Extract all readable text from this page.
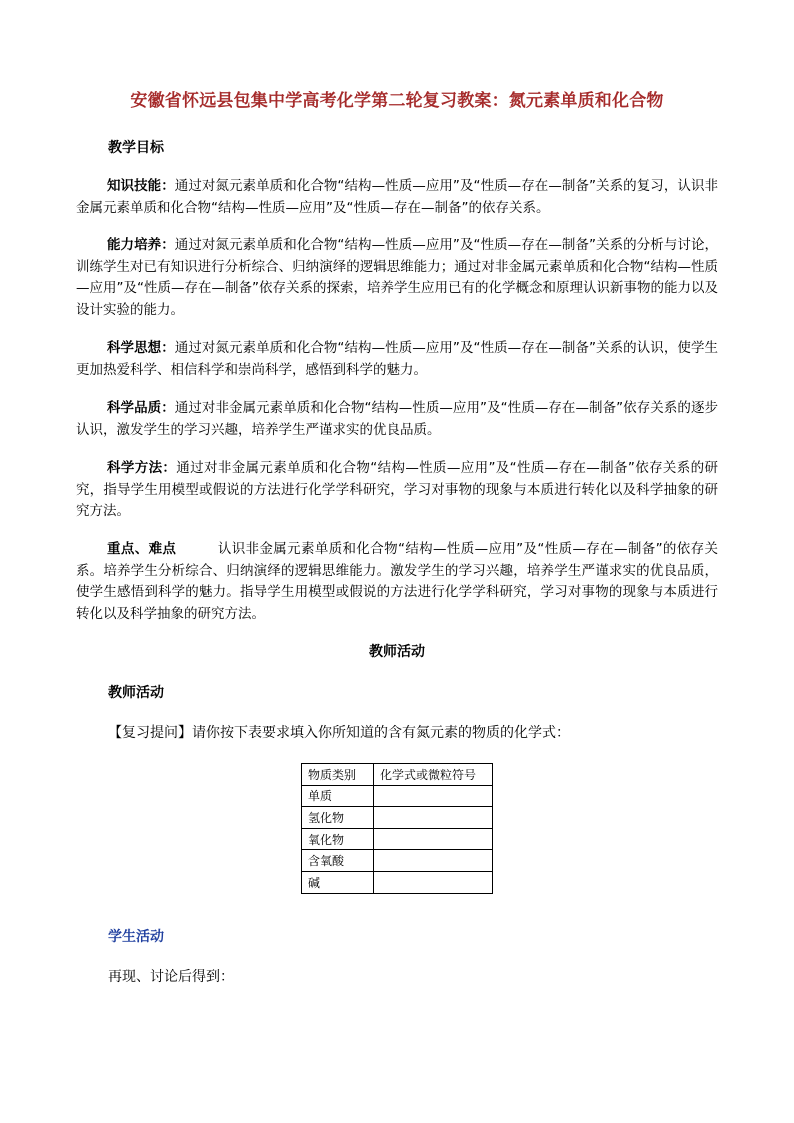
安徽省怀远县包集中学高考化学第二轮复习教案：氮元素单质和化合物
教学目标
知识技能：通过对氮元素单质和化合物“结构—性质—应用”及“性质—存在—制备”关系的复习，认识非金属元素单质和化合物“结构—性质—应用”及“性质—存在—制备”的依存关系。
能力培养：通过对氮元素单质和化合物“结构—性质—应用”及“性质—存在—制备”关系的分析与讨论，训练学生对已有知识进行分析综合、归纳演绎的逻辑思维能力；通过对非金属元素单质和化合物“结构—性质—应用”及“性质—存在—制备”依存关系的探索，培养学生应用已有的化学概念和原理认识新事物的能力以及设计实验的能力。
科学思想：通过对氮元素单质和化合物“结构—性质—应用”及“性质—存在—制备”关系的认识，使学生更加热爱科学、相信科学和崇尚科学，感悟到科学的魅力。
科学品质：通过对非金属元素单质和化合物“结构—性质—应用”及“性质—存在—制备”依存关系的逐步认识，激发学生的学习兴趣，培养学生严谨求实的优良品质。
科学方法：通过对非金属元素单质和化合物“结构—性质—应用”及“性质—存在—制备”依存关系的研究，指导学生用模型或假说的方法进行化学学科研究，学习对事物的现象与本质进行转化以及科学抽象的研究方法。
重点、难点　　　认识非金属元素单质和化合物“结构—性质—应用”及“性质—存在—制备”的依存关系。培养学生分析综合、归纳演绎的逻辑思维能力。激发学生的学习兴趣，培养学生严谨求实的优良品质，使学生感悟到科学的魅力。指导学生用模型或假说的方法进行化学学科研究，学习对事物的现象与本质进行转化以及科学抽象的研究方法。
教师活动
教师活动
【复习提问】请你按下表要求填入你所知道的含有氮元素的物质的化学式：
物质类别	化学式或微粒符号
单质	
氢化物	
氧化物	
含氧酸	
碱	
学生活动
再现、讨论后得到：
